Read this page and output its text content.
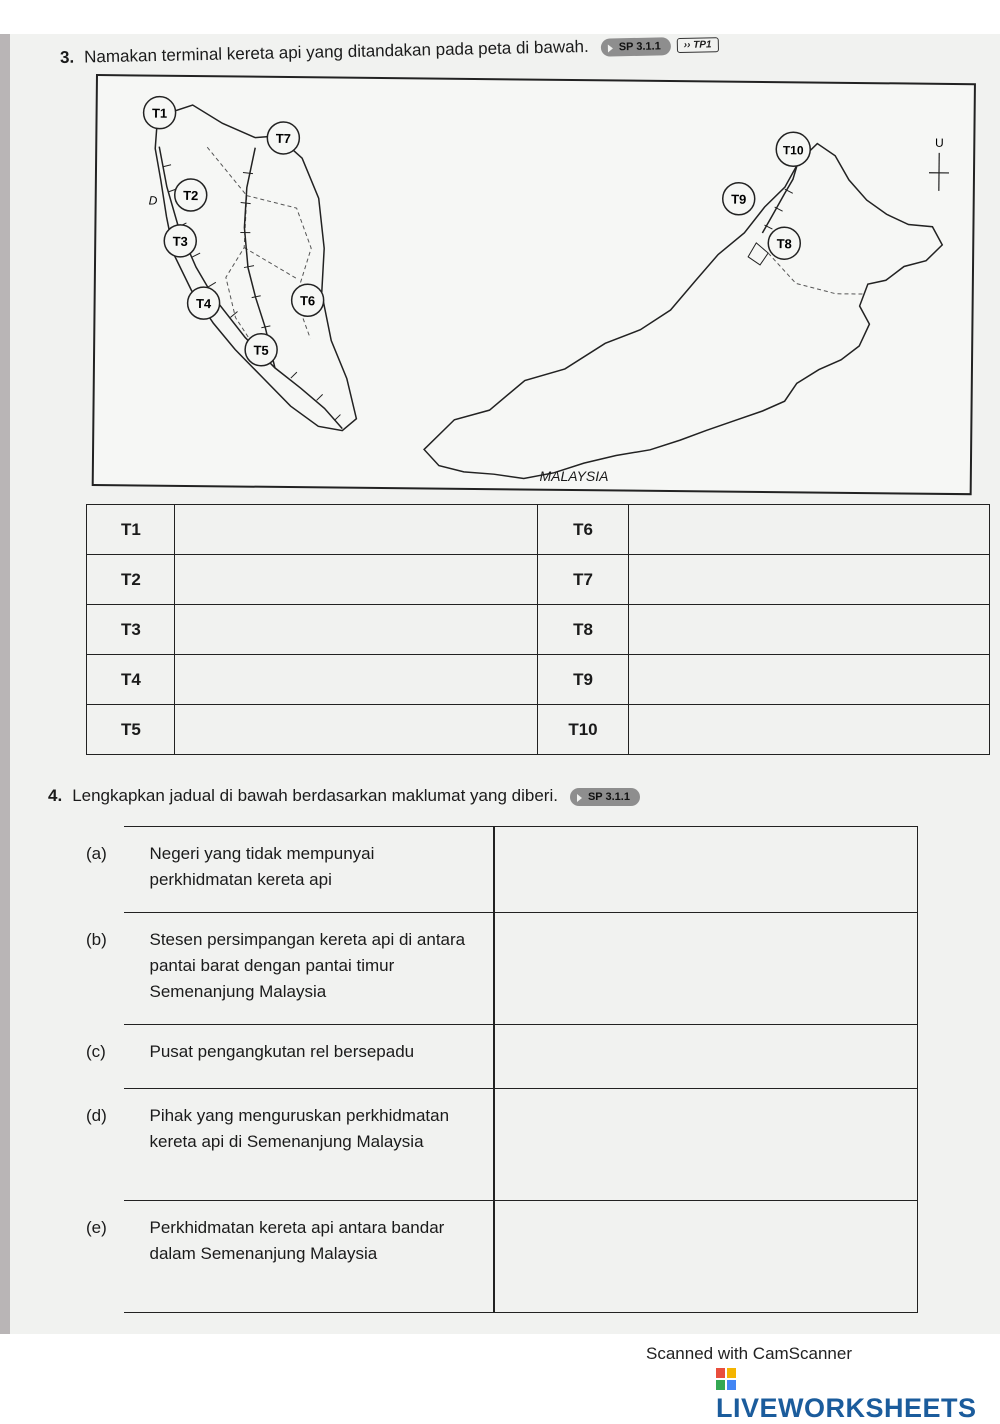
3. Namakan terminal kereta api yang ditandakan pada peta di bawah.	SP 3.1.1 ›› TP1
U
D
T1
T2
T3
T4
T5
T6
T7
T8
T9
T10
MALAYSIA
T1		T6	
T2		T7	
T3		T8	
T4		T9	
T5		T10	
4. Lengkapkan jadual di bawah berdasarkan maklumat yang diberi.	SP 3.1.1
(a)	Negeri yang tidak mempunyai perkhidmatan kereta api	

(b)	Stesen persimpangan kereta api di antara pantai barat dengan pantai timur Semenanjung Malaysia	

(c)	Pusat pengangkutan rel bersepadu	

(d)	Pihak yang menguruskan perkhidmatan kereta api di Semenanjung Malaysia	

(e)	Perkhidmatan kereta api antara bandar dalam Semenanjung Malaysia	
Scanned with CamScanner
LIVEWORKSHEETS
